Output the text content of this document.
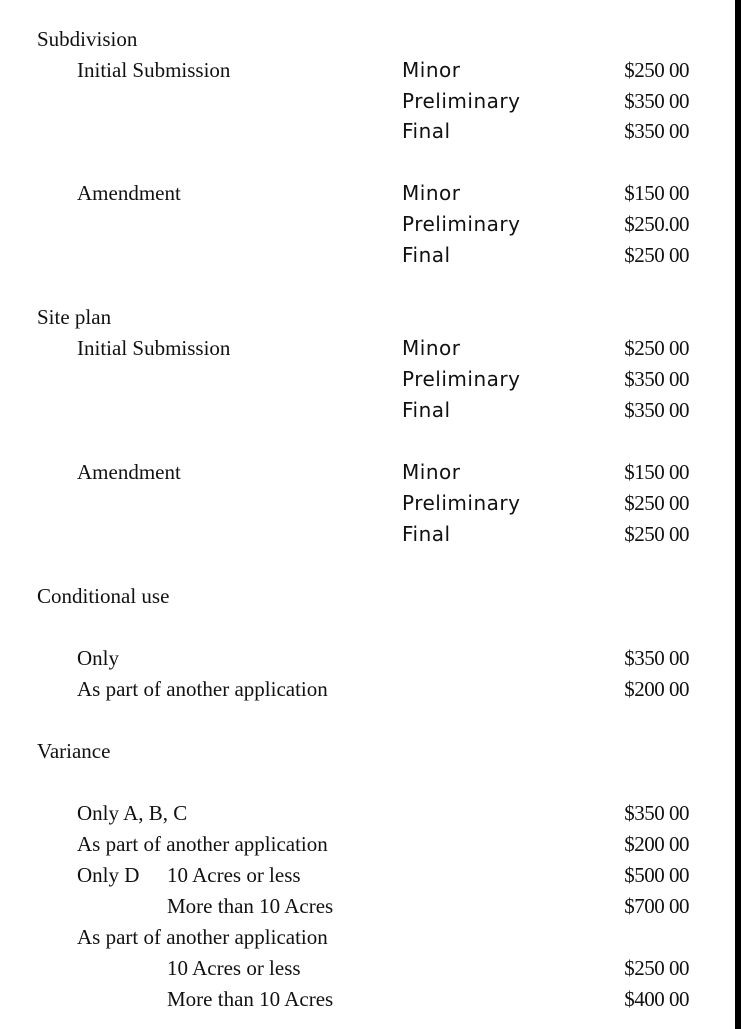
Subdivision
Initial Submission	Minor	$250 00
Preliminary	$350 00
Final	$350 00
Amendment	Minor	$150 00
Preliminary	$250.00
Final	$250 00
Site plan
Initial Submission	Minor	$250 00
Preliminary	$350 00
Final	$350 00
Amendment	Minor	$150 00
Preliminary	$250 00
Final	$250 00
Conditional use
Only	$350 00
As part of another application	$200 00
Variance
Only A, B, C	$350 00
As part of another application	$200 00
Only D 10 Acres or less	$500 00
More than 10 Acres	$700 00
As part of another application
10 Acres or less	$250 00
More than 10 Acres	$400 00
